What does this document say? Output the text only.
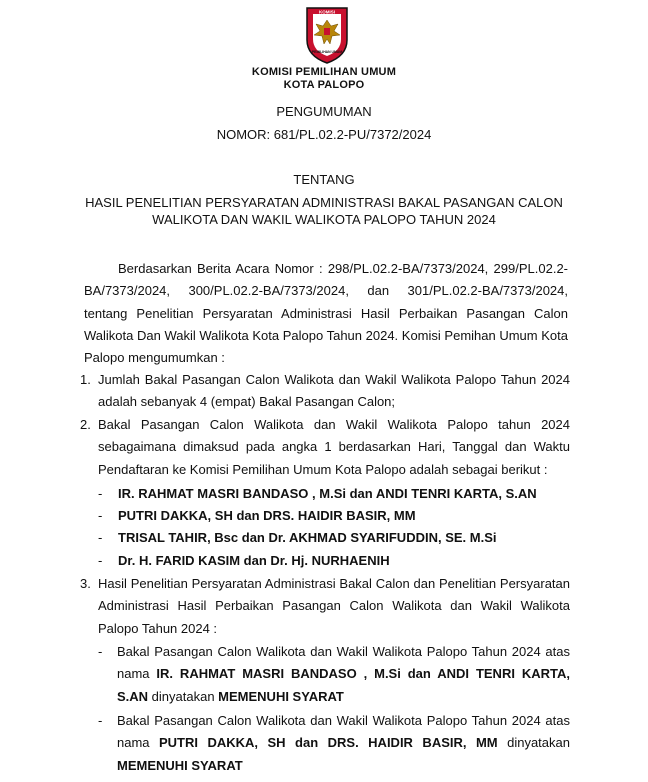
KOMISI
PEMILIHAN UMUM
KOMISI PEMILIHAN UMUM
KOTA PALOPO
PENGUMUMAN
NOMOR: 681/PL.02.2-PU/7372/2024
TENTANG
HASIL PENELITIAN PERSYARATAN ADMINISTRASI BAKAL PASANGAN CALON
WALIKOTA DAN WAKIL WALIKOTA PALOPO TAHUN 2024
Berdasarkan Berita Acara Nomor : 298/PL.02.2-BA/7373/2024, 299/PL.02.2-BA/7373/2024, 300/PL.02.2-BA/7373/2024, dan 301/PL.02.2-BA/7373/2024, tentang Penelitian Persyaratan Administrasi Hasil Perbaikan Pasangan Calon Walikota Dan Wakil Walikota Kota Palopo Tahun 2024. Komisi Pemihan Umum Kota Palopo mengumumkan :
1. Jumlah Bakal Pasangan Calon Walikota dan Wakil Walikota Palopo Tahun 2024 adalah sebanyak 4 (empat) Bakal Pasangan Calon;
2. Bakal Pasangan Calon Walikota dan Wakil Walikota Palopo tahun 2024 sebagaimana dimaksud pada angka 1 berdasarkan Hari, Tanggal dan Waktu Pendaftaran ke Komisi Pemilihan Umum Kota Palopo adalah sebagai berikut :
- IR. RAHMAT MASRI BANDASO , M.Si dan ANDI TENRI KARTA, S.AN
- PUTRI DAKKA, SH dan DRS. HAIDIR BASIR, MM
- TRISAL TAHIR, Bsc dan Dr. AKHMAD SYARIFUDDIN, SE. M.Si
- Dr. H. FARID KASIM dan Dr. Hj. NURHAENIH
3. Hasil Penelitian Persyaratan Administrasi Bakal Calon dan Penelitian Persyaratan Administrasi Hasil Perbaikan Pasangan Calon Walikota dan Wakil Walikota Palopo Tahun 2024 :
- Bakal Pasangan Calon Walikota dan Wakil Walikota Palopo Tahun 2024 atas nama IR. RAHMAT MASRI BANDASO , M.Si dan ANDI TENRI KARTA, S.AN dinyatakan MEMENUHI SYARAT
- Bakal Pasangan Calon Walikota dan Wakil Walikota Palopo Tahun 2024 atas nama PUTRI DAKKA, SH dan DRS. HAIDIR BASIR, MM dinyatakan MEMENUHI SYARAT
